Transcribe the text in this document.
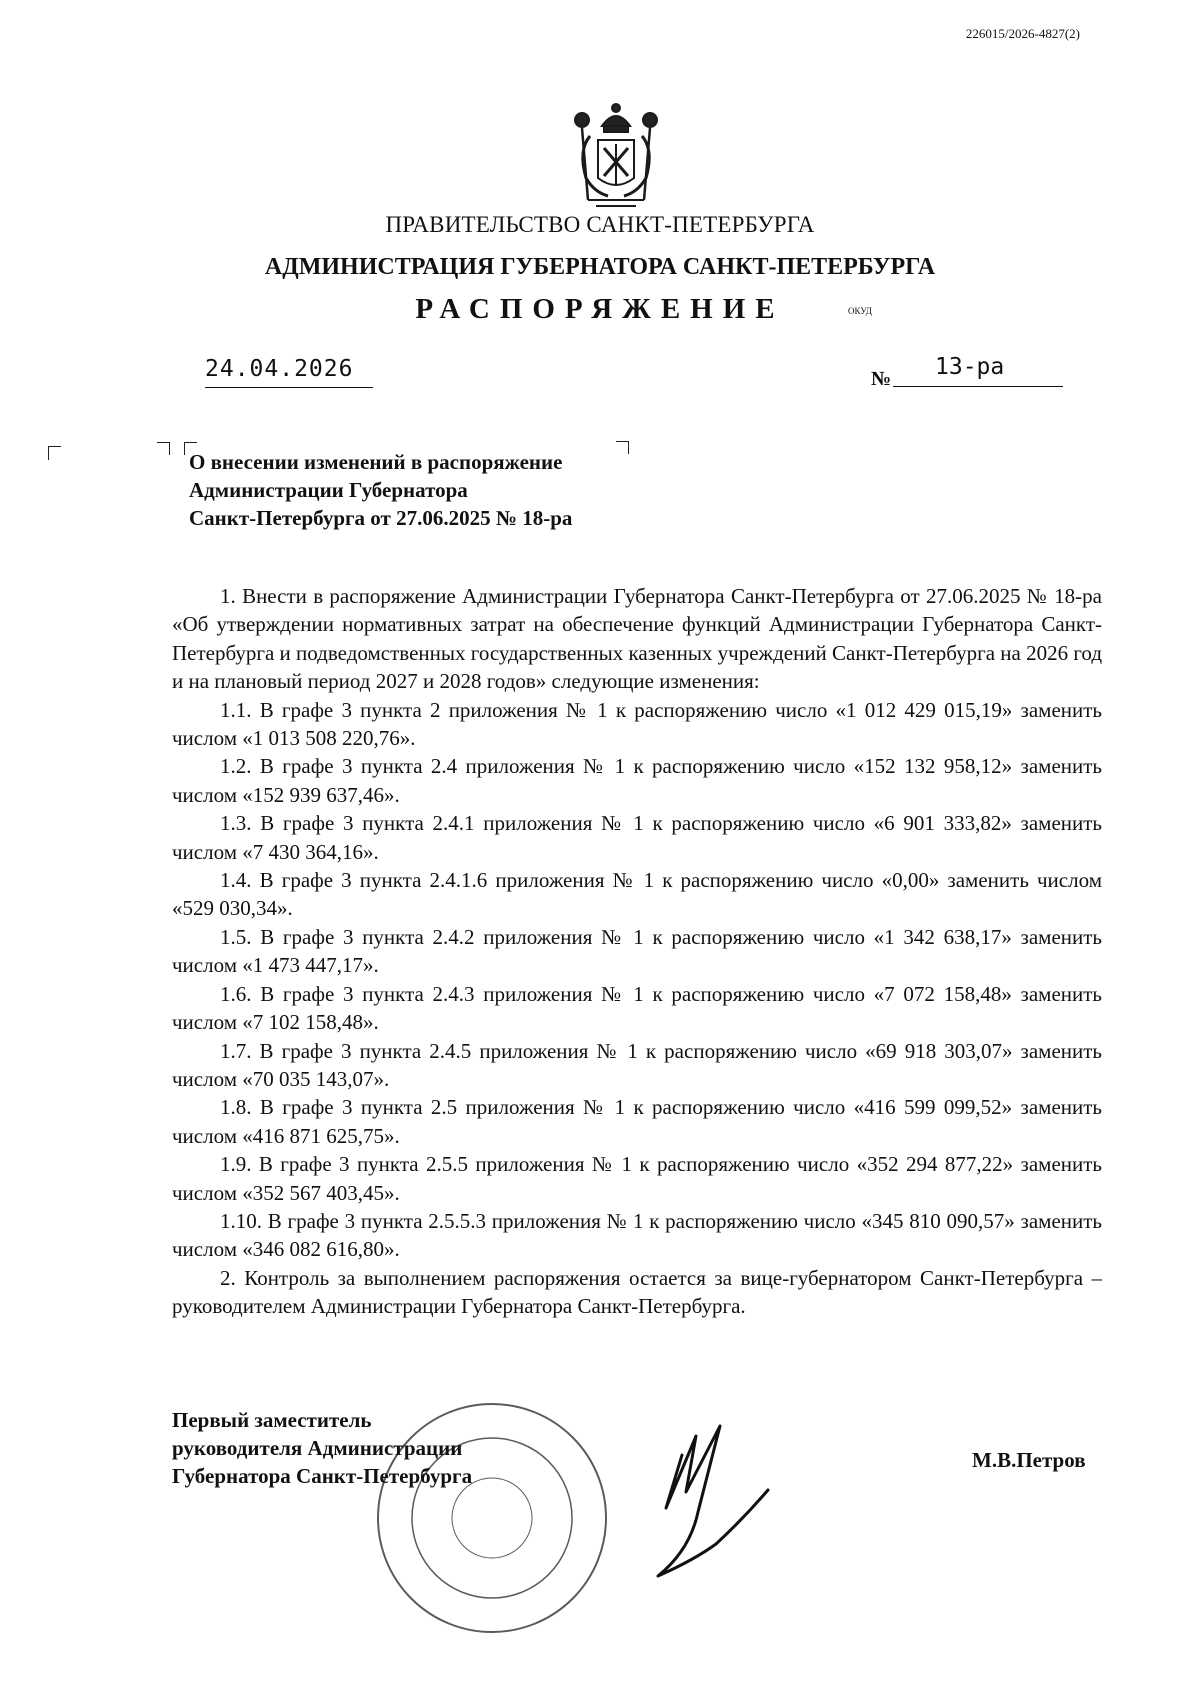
226015/2026-4827(2)
ПРАВИТЕЛЬСТВО САНКТ-ПЕТЕРБУРГА
АДМИНИСТРАЦИЯ ГУБЕРНАТОРА САНКТ-ПЕТЕРБУРГА
РАСПОРЯЖЕНИЕ	ОКУД
24.04.2026	№ 13-ра
О внесении изменений в распоряжение
Администрации Губернатора
Санкт-Петербурга от 27.06.2025 № 18-ра

1. Внести в распоряжение Администрации Губернатора Санкт-Петербурга от 27.06.2025 № 18-ра «Об утверждении нормативных затрат на обеспечение функций Администрации Губернатора Санкт-Петербурга и подведомственных государственных казенных учреждений Санкт-Петербурга на 2026 год и на плановый период 2027 и 2028 годов» следующие изменения:

1.1. В графе 3 пункта 2 приложения № 1 к распоряжению число «1 012 429 015,19» заменить числом «1 013 508 220,76».

1.2. В графе 3 пункта 2.4 приложения № 1 к распоряжению число «152 132 958,12» заменить числом «152 939 637,46».

1.3. В графе 3 пункта 2.4.1 приложения № 1 к распоряжению число «6 901 333,82» заменить числом «7 430 364,16».

1.4. В графе 3 пункта 2.4.1.6 приложения № 1 к распоряжению число «0,00» заменить числом «529 030,34».

1.5. В графе 3 пункта 2.4.2 приложения № 1 к распоряжению число «1 342 638,17» заменить числом «1 473 447,17».

1.6. В графе 3 пункта 2.4.3 приложения № 1 к распоряжению число «7 072 158,48» заменить числом «7 102 158,48».

1.7. В графе 3 пункта 2.4.5 приложения № 1 к распоряжению число «69 918 303,07» заменить числом «70 035 143,07».

1.8. В графе 3 пункта 2.5 приложения № 1 к распоряжению число «416 599 099,52» заменить числом «416 871 625,75».

1.9. В графе 3 пункта 2.5.5 приложения № 1 к распоряжению число «352 294 877,22» заменить числом «352 567 403,45».

1.10. В графе 3 пункта 2.5.5.3 приложения № 1 к распоряжению число «345 810 090,57» заменить числом «346 082 616,80».

2. Контроль за выполнением распоряжения остается за вице-губернатором Санкт-Петербурга – руководителем Администрации Губернатора Санкт-Петербурга.

Первый заместитель
руководителя Администрации
Губернатора Санкт-Петербурга
М.В.Петров
